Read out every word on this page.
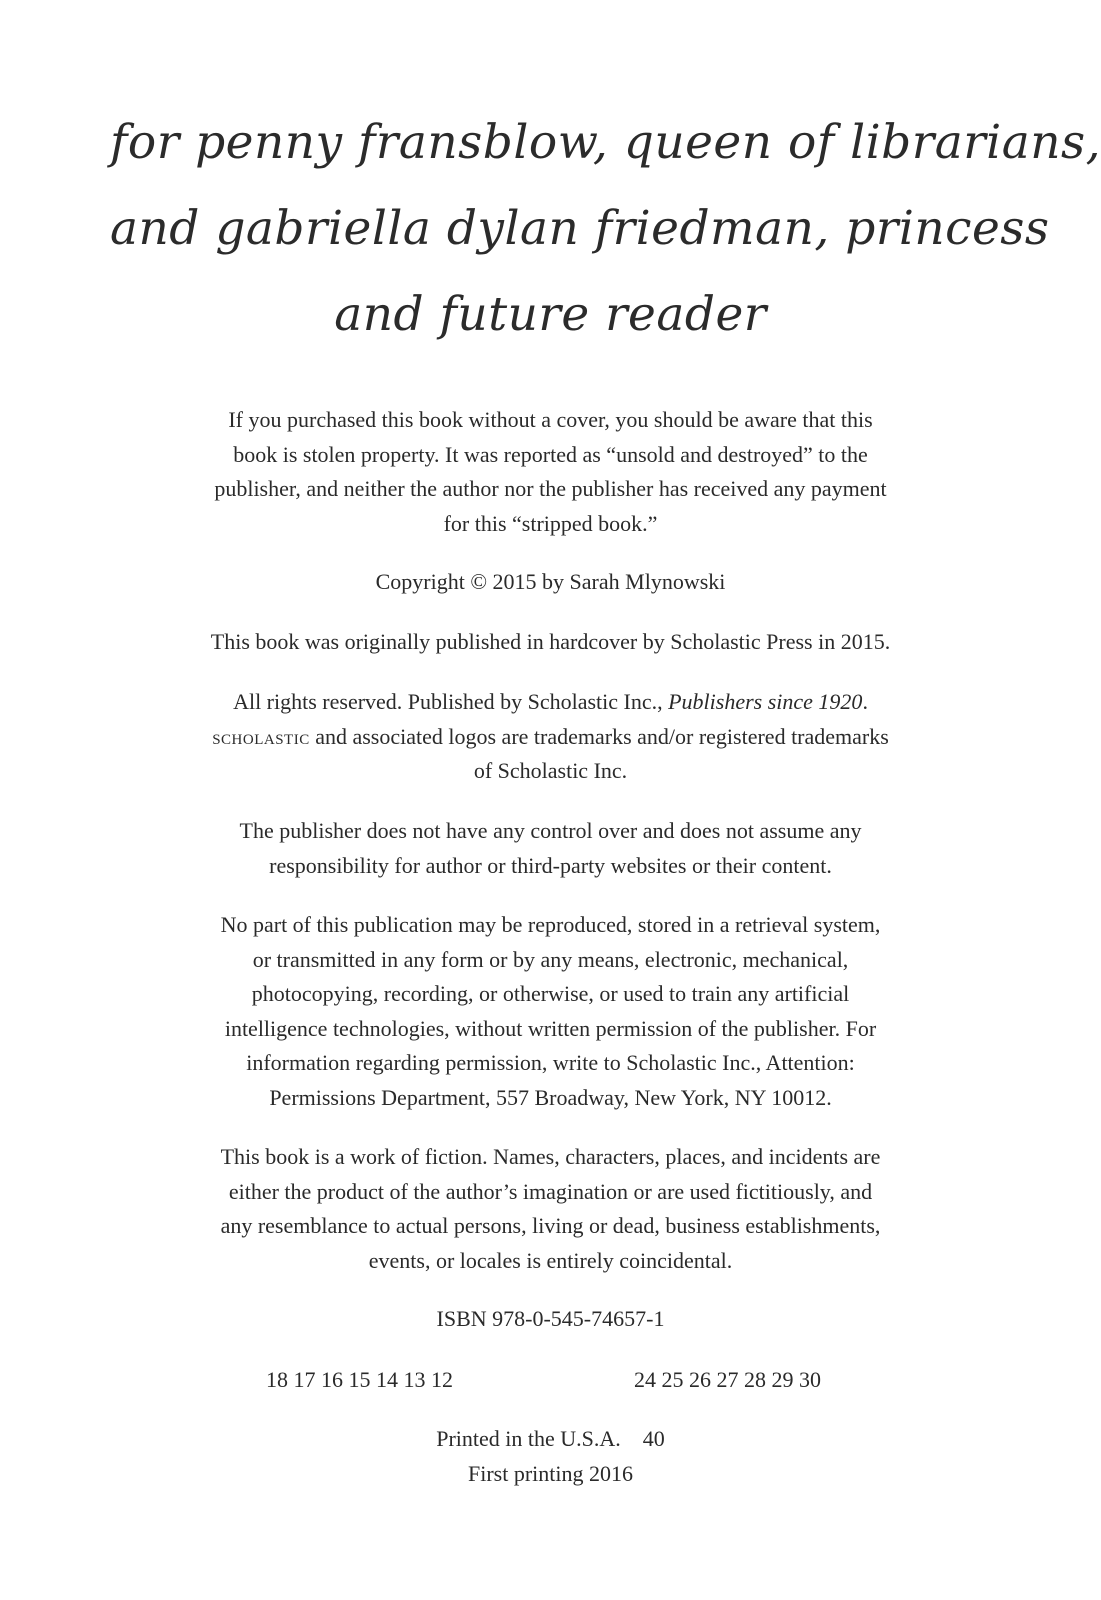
for penny fransblow, queen of librarians,
and gabriella dylan friedman, princess
and future reader

If you purchased this book without a cover, you should be aware that this

book is stolen property. It was reported as “unsold and destroyed” to the

publisher, and neither the author nor the publisher has received any payment

for this “stripped book.”

Copyright © 2015 by Sarah Mlynowski

This book was originally published in hardcover by Scholastic Press in 2015.

All rights reserved. Published by Scholastic Inc., Publishers since 1920.

scholastic and associated logos are trademarks and/or registered trademarks

of Scholastic Inc.

The publisher does not have any control over and does not assume any

responsibility for author or third-party websites or their content.

No part of this publication may be reproduced, stored in a retrieval system,

or transmitted in any form or by any means, electronic, mechanical,

photocopying, recording, or otherwise, or used to train any artificial

intelligence technologies, without written permission of the publisher. For

information regarding permission, write to Scholastic Inc., Attention:

Permissions Department, 557 Broadway, New York, NY 10012.

This book is a work of fiction. Names, characters, places, and incidents are

either the product of the author’s imagination or are used fictitiously, and

any resemblance to actual persons, living or dead, business establishments,

events, or locales is entirely coincidental.

ISBN 978-0-545-74657-1

18 17 16 15 14 13 12	24 25 26 27 28 29 30

Printed in the U.S.A.    40

First printing 2016
